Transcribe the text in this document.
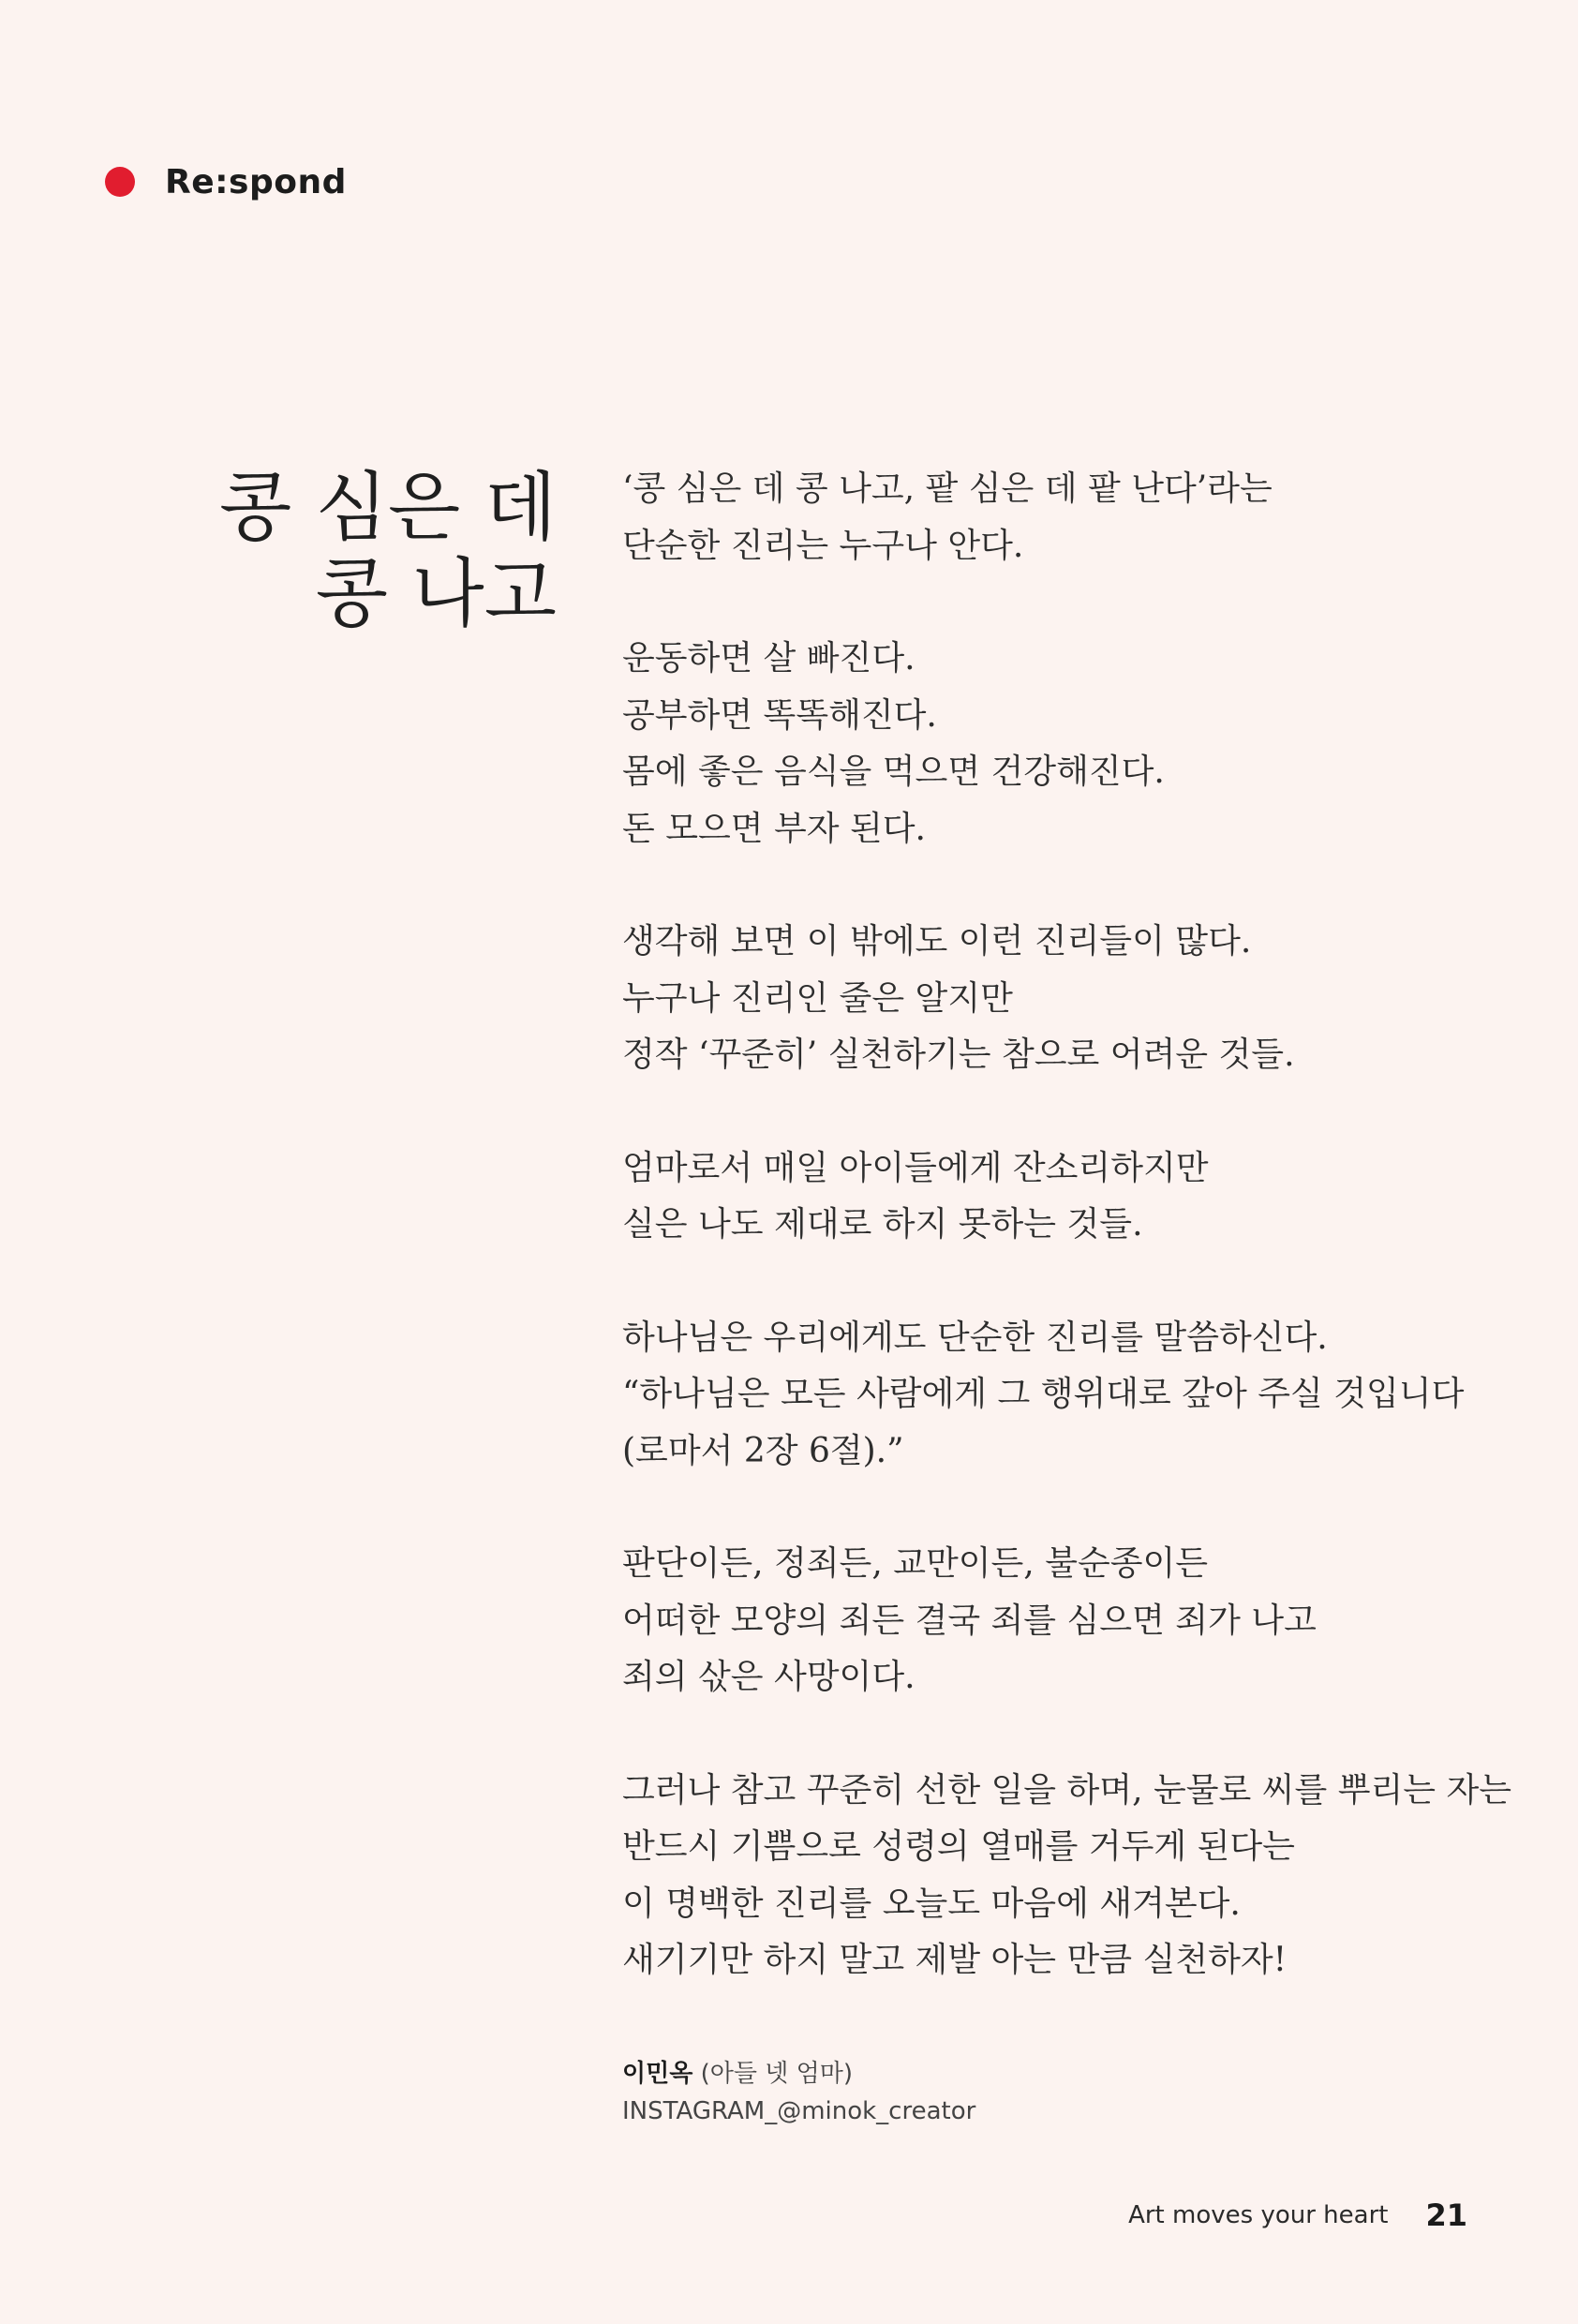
Re:spond
콩 심은 데
콩 나고

‘콩 심은 데 콩 나고, 팥 심은 데 팥 난다’라는
단순한 진리는 누구나 안다.

운동하면 살 빠진다.
공부하면 똑똑해진다.
몸에 좋은 음식을 먹으면 건강해진다.
돈 모으면 부자 된다.

생각해 보면 이 밖에도 이런 진리들이 많다.
누구나 진리인 줄은 알지만
정작 ‘꾸준히’ 실천하기는 참으로 어려운 것들.

엄마로서 매일 아이들에게 잔소리하지만
실은 나도 제대로 하지 못하는 것들.

하나님은 우리에게도 단순한 진리를 말씀하신다.
“하나님은 모든 사람에게 그 행위대로 갚아 주실 것입니다
(로마서 2장 6절).”

판단이든, 정죄든, 교만이든, 불순종이든
어떠한 모양의 죄든 결국 죄를 심으면 죄가 나고
죄의 삯은 사망이다.

그러나 참고 꾸준히 선한 일을 하며, 눈물로 씨를 뿌리는 자는
반드시 기쁨으로 성령의 열매를 거두게 된다는
이 명백한 진리를 오늘도 마음에 새겨본다.
새기기만 하지 말고 제발 아는 만큼 실천하자!

이민옥 (아들 넷 엄마)
INSTAGRAM_@minok_creator
Art moves your heart 21
